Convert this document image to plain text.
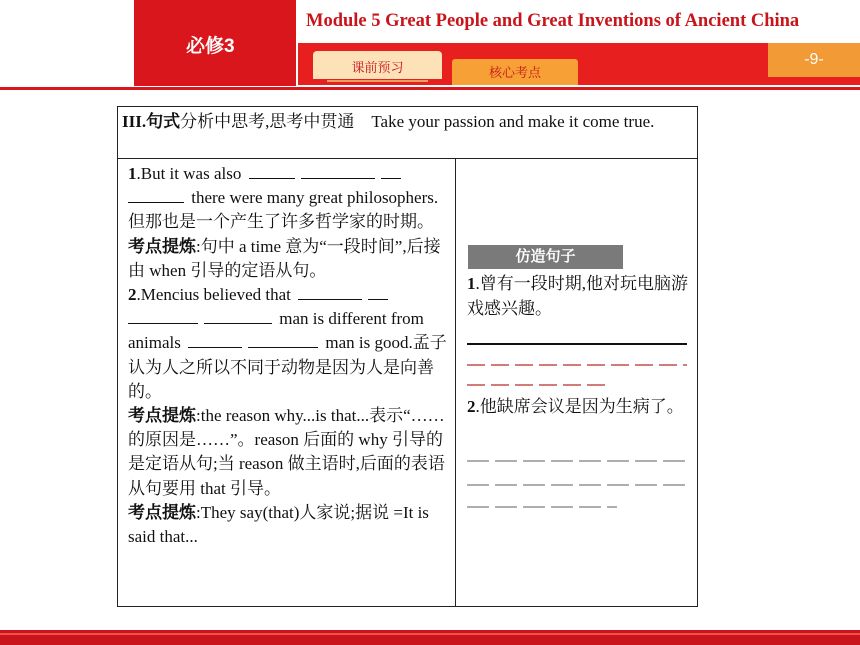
必修3
Module 5 Great People and Great Inventions of Ancient China
课前预习	核心考点
-9-
III.句式分析中思考,思考中贯通 Take your passion and make it come true.
1.But it was also   there were many great philosophers.但那也是一个产生了许多哲学家的时期。
考点提炼:句中 a time 意为“一段时间”,后接由 when 引导的定语从句。
2.Mencius believed that   man is different from animals	man is good.孟子认为人之所以不同于动物是因为人是向善的。
考点提炼:the reason why...is that...表示“……的原因是……”。reason 后面的 why 引导的是定语从句;当 reason 做主语时,后面的表语从句要用 that 引导。
考点提炼:They say(that)人家说;据说 =It is said that...
仿造句子
1.曾有一段时期,他对玩电脑游戏感兴趣。
2.他缺席会议是因为生病了。
